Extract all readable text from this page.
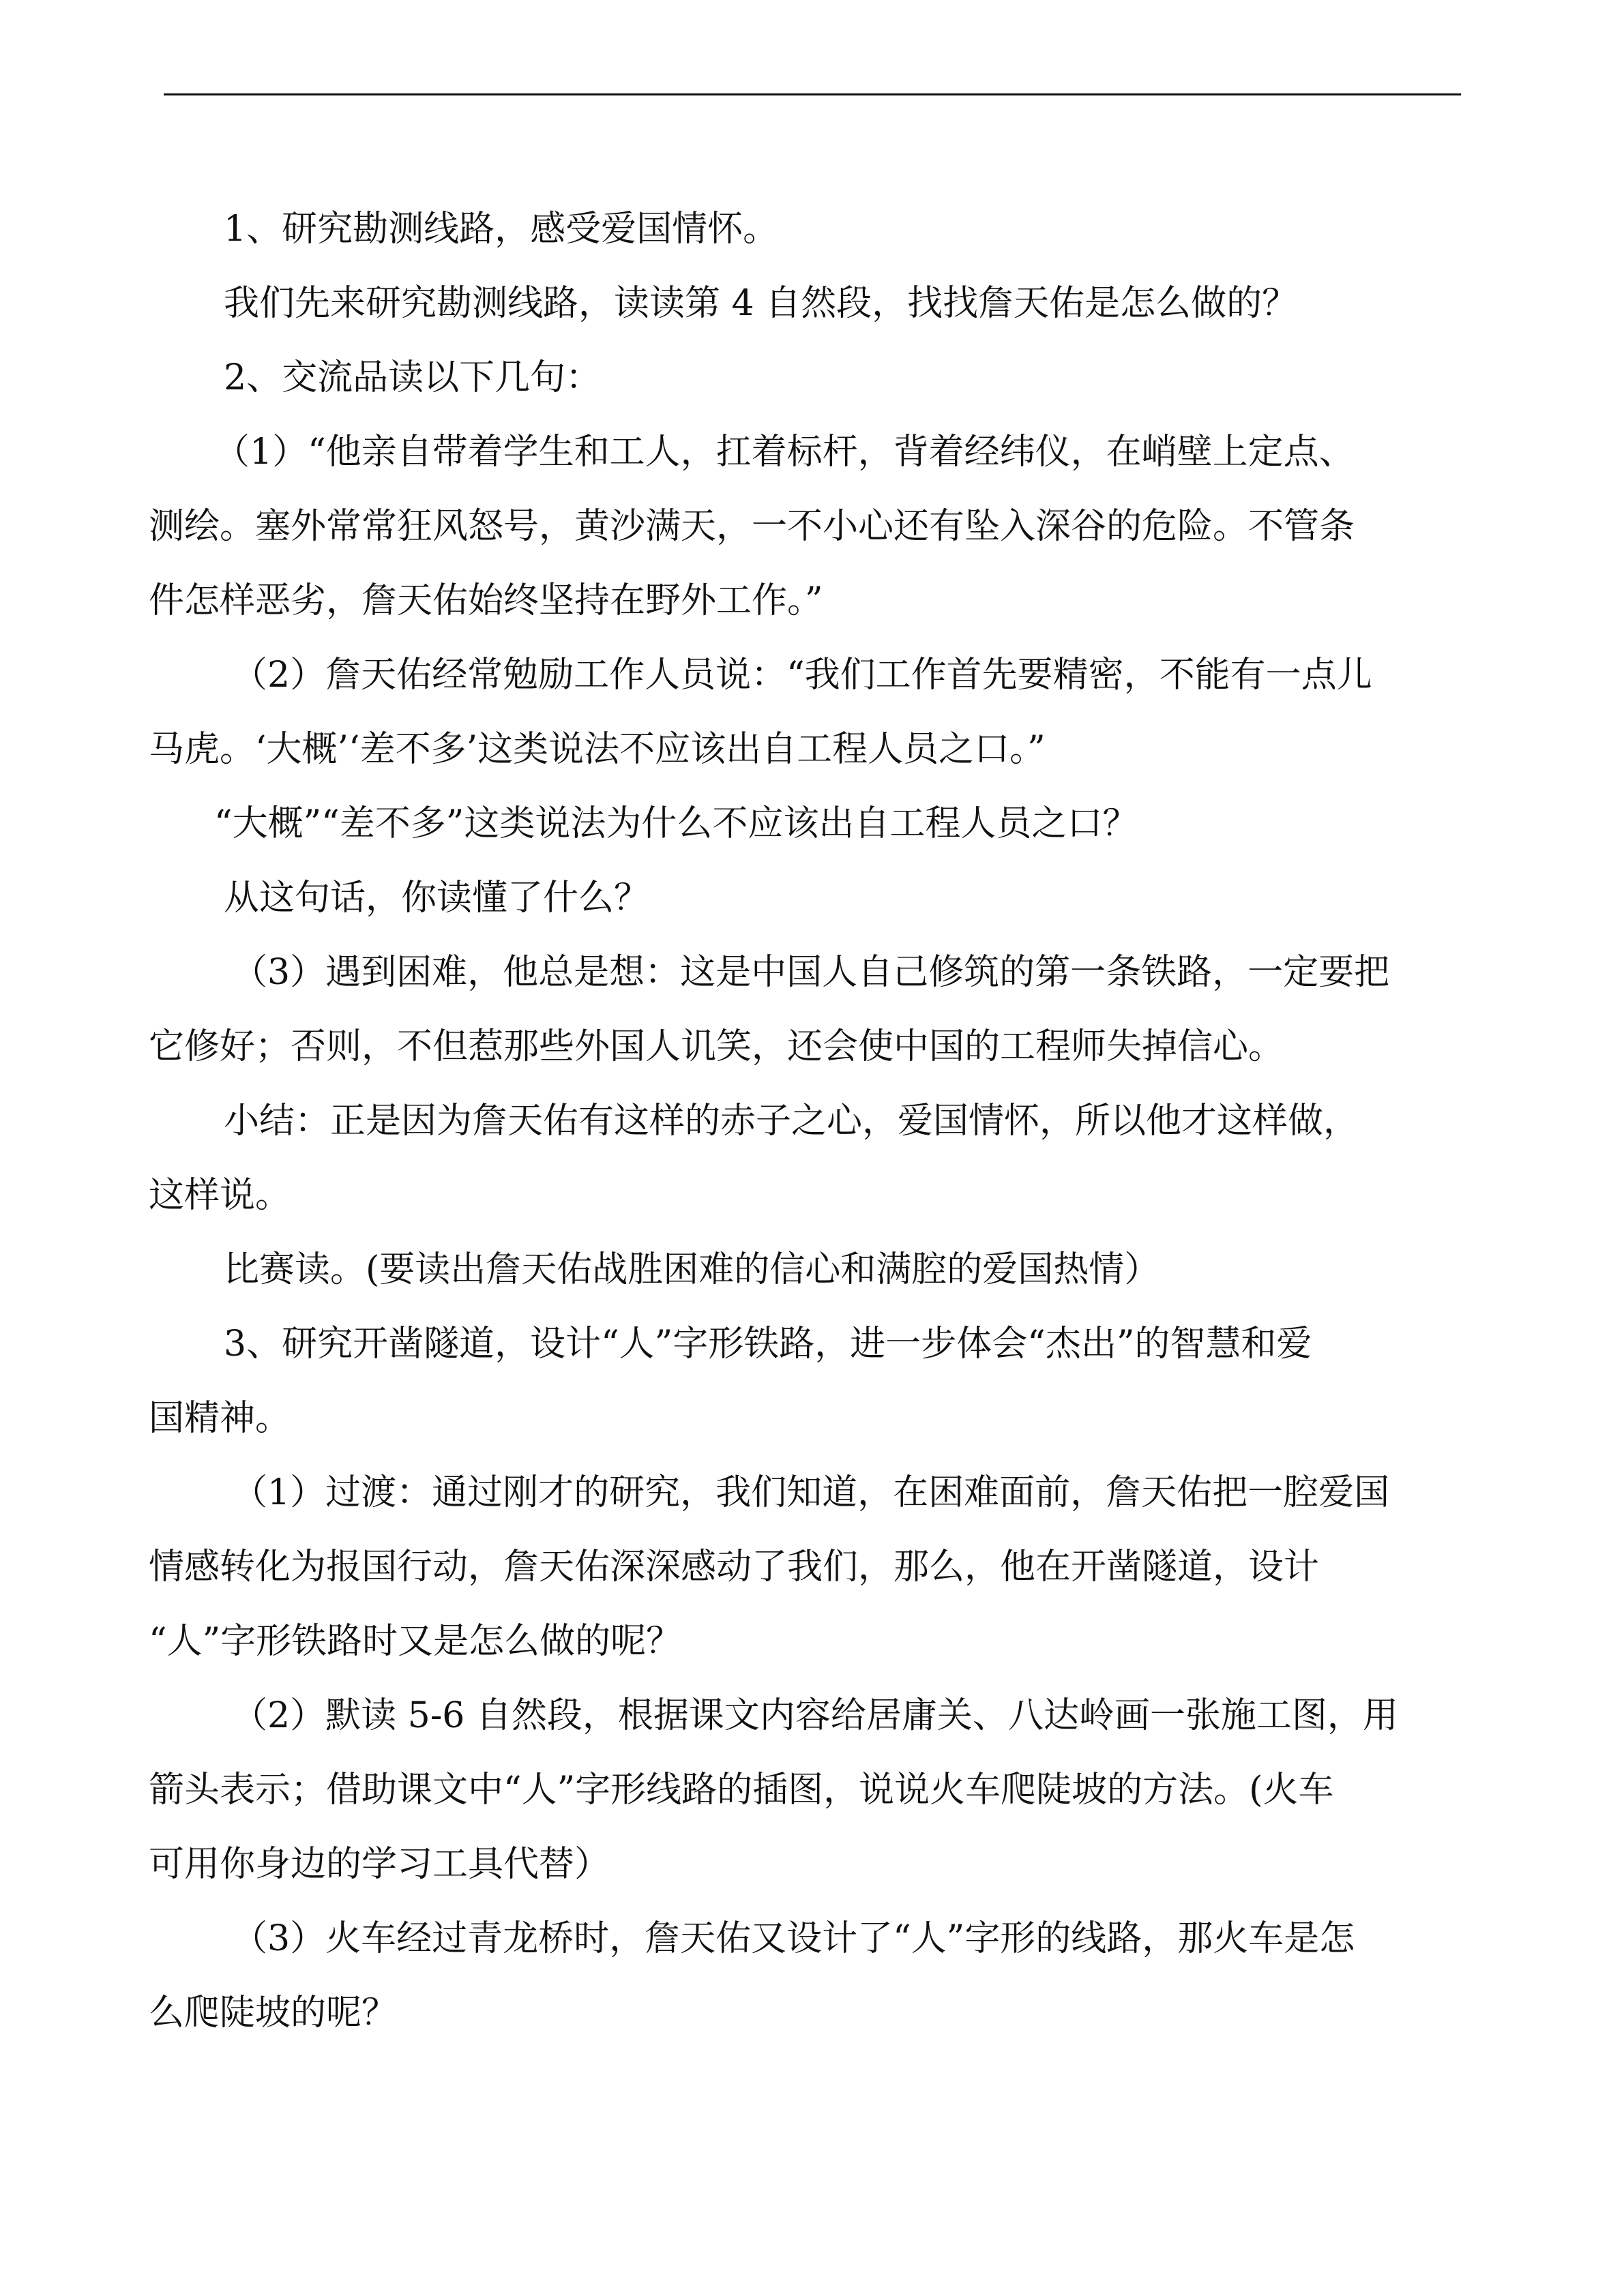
1、研究勘测线路，感受爱国情怀。

我们先来研究勘测线路，读读第 4 自然段，找找詹天佑是怎么做的？

2、交流品读以下几句：

（1）“他亲自带着学生和工人，扛着标杆，背着经纬仪，在峭壁上定点、

测绘。塞外常常狂风怒号，黄沙满天，一不小心还有坠入深谷的危险。不管条

件怎样恶劣，詹天佑始终坚持在野外工作。”

（2）詹天佑经常勉励工作人员说：“我们工作首先要精密，不能有一点儿

马虎。‘大概’‘差不多’这类说法不应该出自工程人员之口。”

“大概”“差不多”这类说法为什么不应该出自工程人员之口？

从这句话，你读懂了什么？

（3）遇到困难，他总是想：这是中国人自己修筑的第一条铁路，一定要把

它修好；否则，不但惹那些外国人讥笑，还会使中国的工程师失掉信心。

小结：正是因为詹天佑有这样的赤子之心，爱国情怀，所以他才这样做，

这样说。

比赛读。(要读出詹天佑战胜困难的信心和满腔的爱国热情）

3、研究开凿隧道，设计“人”字形铁路，进一步体会“杰出”的智慧和爱

国精神。

（1）过渡：通过刚才的研究，我们知道，在困难面前，詹天佑把一腔爱国

情感转化为报国行动，詹天佑深深感动了我们，那么，他在开凿隧道，设计

“人”字形铁路时又是怎么做的呢？

（2）默读 5-6 自然段，根据课文内容给居庸关、八达岭画一张施工图，用

箭头表示；借助课文中“人”字形线路的插图，说说火车爬陡坡的方法。(火车

可用你身边的学习工具代替）

（3）火车经过青龙桥时，詹天佑又设计了“人”字形的线路，那火车是怎

么爬陡坡的呢？
